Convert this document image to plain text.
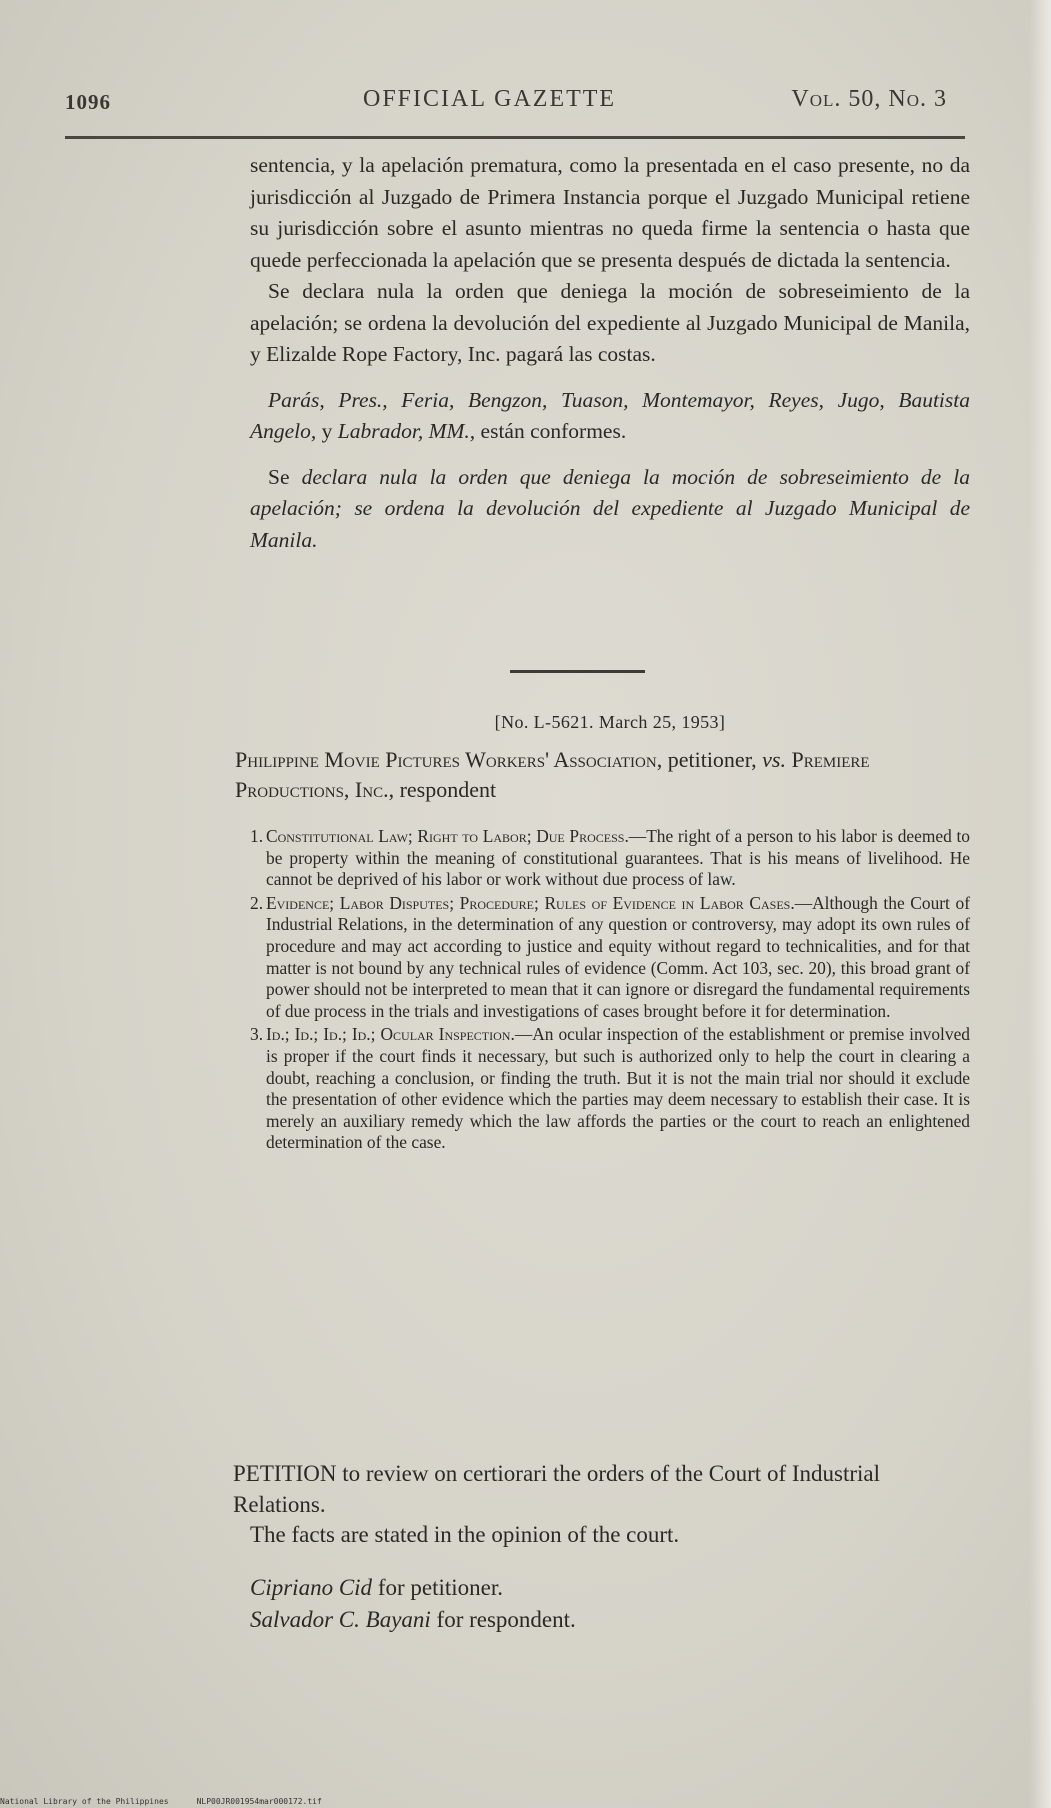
1096	OFFICIAL GAZETTE	Vol. 50, No. 3

sentencia, y la apelación prematura, como la presentada en el caso presente, no da jurisdicción al Juzgado de Primera Instancia porque el Juzgado Municipal retiene su jurisdicción sobre el asunto mientras no queda firme la sentencia o hasta que quede perfeccionada la apelación que se presenta después de dictada la sentencia.

Se declara nula la orden que deniega la moción de sobreseimiento de la apelación; se ordena la devolución del expediente al Juzgado Municipal de Manila, y Elizalde Rope Factory, Inc. pagará las costas.

Parás, Pres., Feria, Bengzon, Tuason, Montemayor, Reyes, Jugo, Bautista Angelo, y Labrador, MM., están conformes.

Se declara nula la orden que deniega la moción de sobreseimiento de la apelación; se ordena la devolución del expediente al Juzgado Municipal de Manila.

[No. L-5621. March 25, 1953]
Philippine Movie Pictures Workers' Association, petitioner, vs. Premiere Productions, Inc., respondent
1. Constitutional Law; Right to Labor; Due Process.—The right of a person to his labor is deemed to be property within the meaning of constitutional guarantees. That is his means of livelihood. He cannot be deprived of his labor or work without due process of law.
2. Evidence; Labor Disputes; Procedure; Rules of Evidence in Labor Cases.—Although the Court of Industrial Relations, in the determination of any question or controversy, may adopt its own rules of procedure and may act according to justice and equity without regard to technicalities, and for that matter is not bound by any technical rules of evidence (Comm. Act 103, sec. 20), this broad grant of power should not be interpreted to mean that it can ignore or disregard the fundamental requirements of due process in the trials and investigations of cases brought before it for determination.
3. Id.; Id.; Id.; Id.; Ocular Inspection.—An ocular inspection of the establishment or premise involved is proper if the court finds it necessary, but such is authorized only to help the court in clearing a doubt, reaching a conclusion, or finding the truth. But it is not the main trial nor should it exclude the presentation of other evidence which the parties may deem necessary to establish their case. It is merely an auxiliary remedy which the law affords the parties or the court to reach an enlightened determination of the case.
PETITION to review on certiorari the orders of the Court of Industrial Relations.
The facts are stated in the opinion of the court.
Cipriano Cid for petitioner.
Salvador C. Bayani for respondent.
National Library of the Philippines	NLP00JR001954mar000172.tif
